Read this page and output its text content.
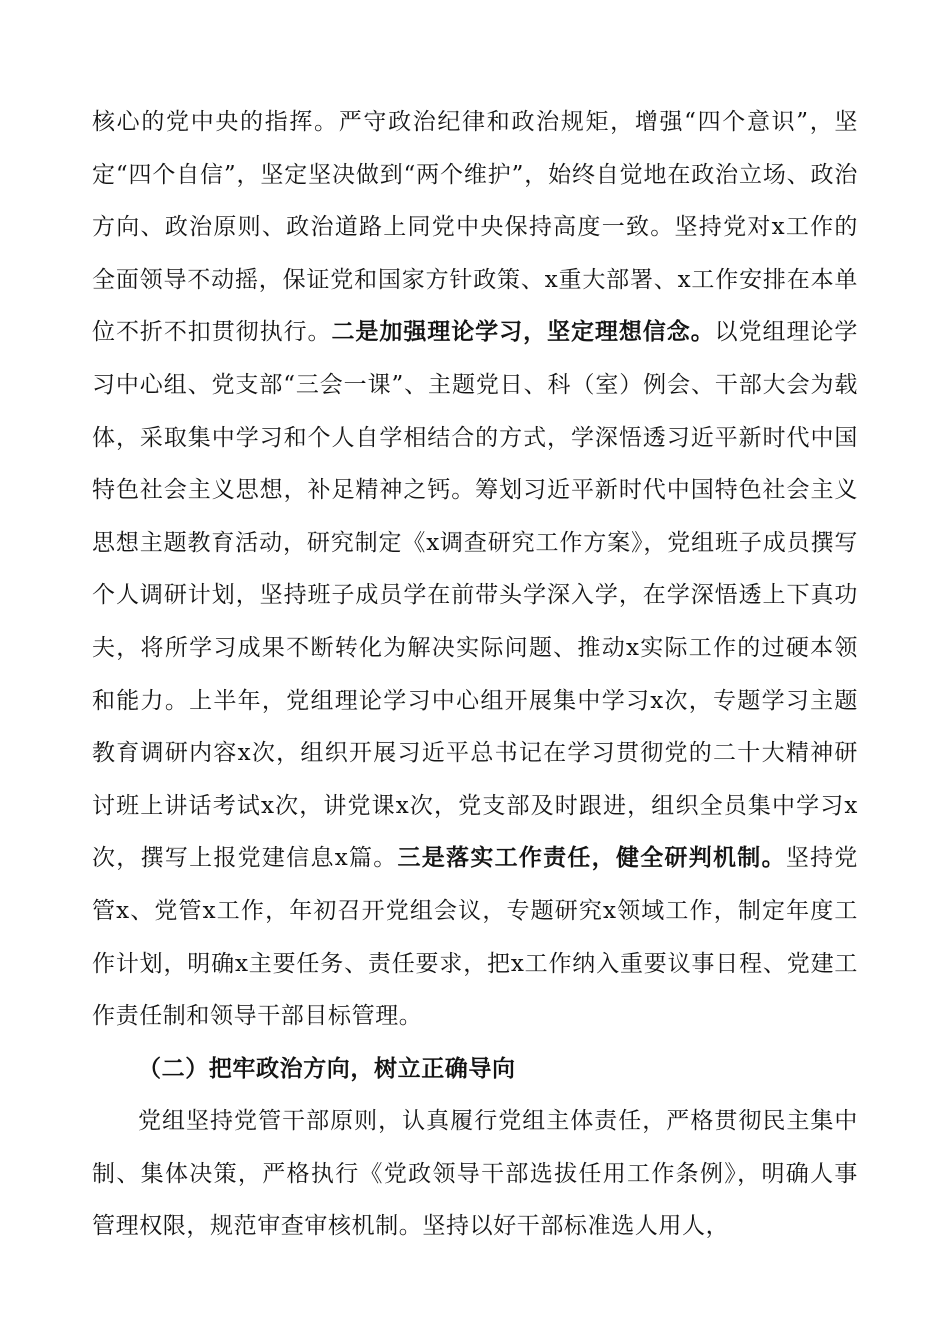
核心的党中央的指挥。严守政治纪律和政治规矩，增强“四个意识”，坚定“四个自信”，坚定坚决做到“两个维护”，始终自觉地在政治立场、政治方向、政治原则、政治道路上同党中央保持高度一致。坚持党对x工作的全面领导不动摇，保证党和国家方针政策、x重大部署、x工作安排在本单位不折不扣贯彻执行。二是加强理论学习，坚定理想信念。以党组理论学习中心组、党支部“三会一课”、主题党日、科（室）例会、干部大会为载体，采取集中学习和个人自学相结合的方式，学深悟透习近平新时代中国特色社会主义思想，补足精神之钙。筹划习近平新时代中国特色社会主义思想主题教育活动，研究制定《x调查研究工作方案》，党组班子成员撰写个人调研计划，坚持班子成员学在前带头学深入学，在学深悟透上下真功夫，将所学习成果不断转化为解决实际问题、推动x实际工作的过硬本领和能力。上半年，党组理论学习中心组开展集中学习x次，专题学习主题教育调研内容x次，组织开展习近平总书记在学习贯彻党的二十大精神研讨班上讲话考试x次，讲党课x次，党支部及时跟进，组织全员集中学习x次，撰写上报党建信息x篇。三是落实工作责任，健全研判机制。坚持党管x、党管x工作，年初召开党组会议，专题研究x领域工作，制定年度工作计划，明确x主要任务、责任要求，把x工作纳入重要议事日程、党建工作责任制和领导干部目标管理。

（二）把牢政治方向，树立正确导向

党组坚持党管干部原则，认真履行党组主体责任，严格贯彻民主集中制、集体决策，严格执行《党政领导干部选拔任用工作条例》，明确人事管理权限，规范审查审核机制。坚持以好干部标准选人用人，
